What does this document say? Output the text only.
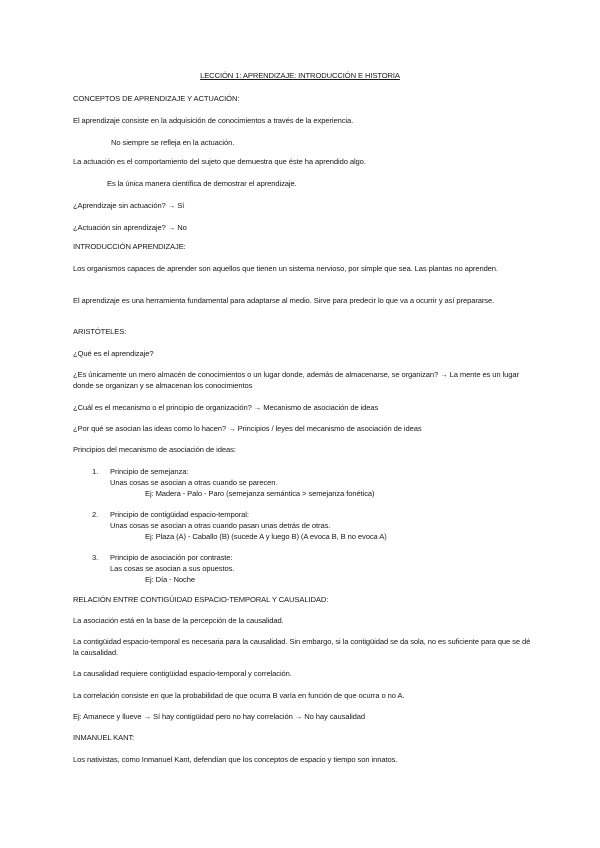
LECCIÓN 1: APRENDIZAJE: INTRODUCCIÓN E HISTORIA
CONCEPTOS DE APRENDIZAJE Y ACTUACIÓN:
El aprendizaje consiste en la adquisición de conocimientos a través de la experiencia.
No siempre se refleja en la actuación.
La actuación es el comportamiento del sujeto que demuestra que éste ha aprendido algo.
Es la única manera científica de demostrar el aprendizaje.
¿Aprendizaje sin actuación? → Sí
¿Actuación sin aprendizaje? → No
INTRODUCCIÓN APRENDIZAJE:
Los organismos capaces de aprender son aquellos que tienen un sistema nervioso, por simple que sea. Las plantas no aprenden.
El aprendizaje es una herramienta fundamental para adaptarse al medio. Sirve para predecir lo que va a ocurrir y así prepararse.
ARISTÓTELES:
¿Qué es el aprendizaje?
¿Es únicamente un mero almacén de conocimientos o un lugar donde, además de almacenarse, se organizan? → La mente es un lugar donde se organizan y se almacenan los conocimientos
¿Cuál es el mecanismo o el principio de organización? → Mecanismo de asociación de ideas
¿Por qué se asocian las ideas como lo hacen? → Principios / leyes del mecanismo de asociación de ideas
Principios del mecanismo de asociación de ideas:
1. Principio de semejanza:
Unas cosas se asocian a otras cuando se parecen.
Ej: Madera - Palo - Paro (semejanza semántica > semejanza fonética)
2. Principio de contigüidad espacio-temporal:
Unas cosas se asocian a otras cuando pasan unas detrás de otras.
Ej: Plaza (A) - Caballo (B) (sucede A y luego B) (A evoca B, B no evoca A)
3. Principio de asociación por contraste:
Las cosas se asocian a sus opuestos.
Ej: Día - Noche
RELACIÓN ENTRE CONTIGÜIDAD ESPACIO-TEMPORAL Y CAUSALIDAD:
La asociación está en la base de la percepción de la causalidad.
La contigüidad espacio-temporal es necesaria para la causalidad. Sin embargo, si la contigüidad se da sola, no es suficiente para que se dé la causalidad.
La causalidad requiere contigüidad espacio-temporal y correlación.
La correlación consiste en que la probabilidad de que ocurra B varía en función de que ocurra o no A.
Ej: Amanece y llueve → Sí hay contigüidad pero no hay correlación → No hay causalidad
INMANUEL KANT:
Los nativistas, como Inmanuel Kant, defendían que los conceptos de espacio y tiempo son innatos.
